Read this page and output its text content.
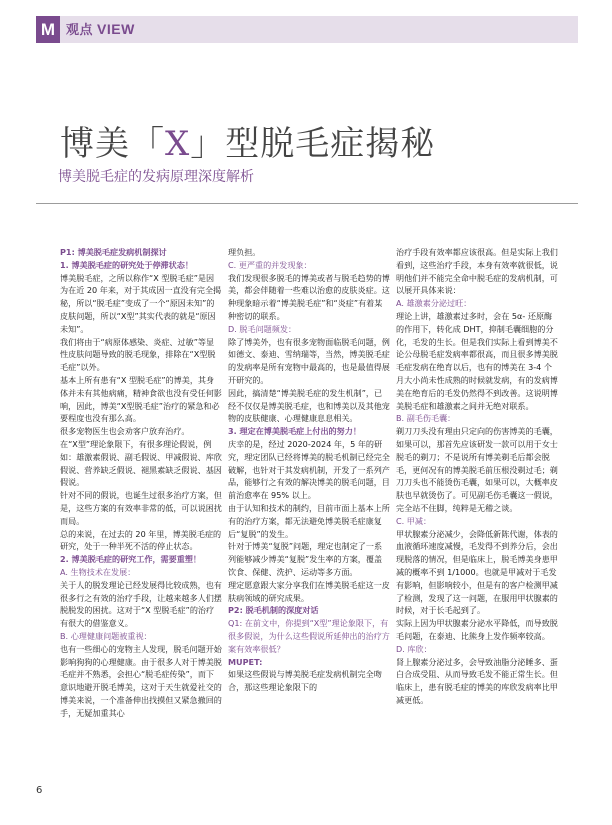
M 观点 VIEW
博美「X」型脱毛症揭秘
博美脱毛症的发病原理深度解析

P1: 博美脱毛症发病机制探讨

1. 博美脱毛症的研究处于停滞状态！

博美脱毛症，之所以称作“X 型脱毛症”是因为在近 20 年来，对于其成因一直没有完全揭秘，所以“脱毛症”变成了一个“原因未知”的皮肤问题，所以“X型”其实代表的就是“原因未知”。

我们将由于“病原体感染、炎症、过敏”等显性皮肤问题导致的脱毛现象，排除在“X型脱毛症”以外。

基本上所有患有“X 型脱毛症”的博美，其身体并未有其他病痛，精神食欲也没有受任何影响，因此，博美“X型脱毛症”治疗的紧急和必要程度也没有那么高。

很多宠物医生也会劝客户放弃治疗。

在“X型”理论象限下，有很多理论假说，例如：雄激素假说、副毛假说、甲减假说、库欣假说、营养缺乏假说、褪黑素缺乏假说、基因假说。

针对不同的假说，也诞生过很多治疗方案，但是，这些方案的有效率非常的低，可以说困扰而局。

总的来说，在过去的 20 年里，博美脱毛症的研究，处于一种半死不活的停止状态。

2. 博美脱毛症的研究工作，需要重塑！

A. 生物技术在发展：

关于人的脱发理论已经发展得比较成熟，也有很多行之有效的治疗手段，让越来越多人们摆脱脱发的困扰。这对于“X 型脱毛症”的治疗有很大的借鉴意义。

B. 心理健康问题被重视：

也有一些细心的宠物主人发现，脱毛问题开始影响狗狗的心理健康。由于很多人对于博美脱毛症并不熟悉，会担心“脱毛症传染”，而下意识地避开脱毛博美，这对于天生就爱社交的博美来说，一个准备伸出找摸但又紧急撤回的手，无疑加重其心

理负担。

C. 更严重的并发现象：

我们发现很多脱毛的博美或者与脱毛趋势的博美，都会伴随着一些难以治愈的皮肤炎症。这种现象暗示着“博美脱毛症”和“炎症”有着某种密切的联系。

D. 脱毛问题频发：

除了博美外，也有很多宠物面临脱毛问题，例如德文、泰迪、雪纳瑞等，当然，博美脱毛症的发病率是所有宠物中最高的，也是最值得展开研究的。

因此，搞清楚“博美脱毛症的发生机制”，已经不仅仅是博美脱毛症，也和博美以及其他宠物的皮肤健康、心理健康息息相关。

3. 理定在博美脱毛症上付出的努力！

庆幸的是，经过 2020-2024 年，5 年的研究，理定团队已经将博美的脱毛机制已经完全破解，也针对于其发病机制，开发了一系列产品，能够行之有效的解决博美的脱毛问题，目前治愈率在 95% 以上。

由于认知和技术的制约，目前市面上基本上所有的治疗方案，都无法避免博美脱毛症康复后“复脱”的发生。

针对于博美“复脱”问题，理定也制定了一系列能够减少博美“复脱”发生率的方案，覆盖饮食、保健、洗护、运动等多方面。

理定愿意跟大家分享我们在博美脱毛症这一皮肤病领域的研究成果。

P2: 脱毛机制的深度对话

Q1: 在前文中，你提到“X型”理论象限下，有很多假说，为什么这些假说所延伸出的治疗方案有效率很低？

MUPET:

如果这些假说与博美脱毛症发病机制完全吻合，那这些理论象限下的

治疗手段有效率都应该很高。但是实际上我们看到，这些治疗手段，本身有效率就很低，说明他们并不能完全命中脱毛症的发病机制，可以展开具体来说：

A. 雄激素分泌过旺：

理论上讲，雄激素过多时，会在 5α- 还原酶的作用下，转化成 DHT，抑制毛囊细胞的分化，毛发的生长。但是我们实际上看到博美不论公母脱毛症发病率都很高，而且很多博美脱毛症发病在绝育以后，也有的博美在 3-4 个月大小尚未性成熟的时候就发病，有的发病博美在绝育后的毛发仍然得不到改善。这说明博美脱毛症和雄激素之间并无绝对联系。

B. 副毛伤毛囊：

剃刀刀头没有理由只定向的伤害博美的毛囊，如果可以，那首先应该研发一款可以用于女士脱毛的剃刀；不是说所有博美剃毛后都会脱毛，更何况有的博美脱毛前压根没剃过毛；剃刀刀头也不能烫伤毛囊，如果可以，大概率皮肤也早就烫伤了。可见副毛伤毛囊这一假说，完全站不住脚，纯粹是无稽之谈。

C. 甲减：

甲状腺素分泌减少，会降低新陈代谢，体表的血液循环速度减慢，毛发得不到养分后，会出现脱落的情况，但是临床上，脱毛博美身患甲减的概率不到 1/1000。也就是甲减对于毛发有影响，但影响较小，但是有的客户检测甲减了检测，发现了这一问题，在服用甲状腺素的时候，对于长毛起到了。

实际上因为甲状腺素分泌水平降低，而导致脱毛问题，在泰迪、比熊身上发作频率较高。

D. 库欣：

肾上腺素分泌过多，会导致油脂分泌睡多、蛋白合成受阻、从而导致毛发不能正常生长。但临床上，患有脱毛症的博美的库欣发病率比甲减更低。

6
